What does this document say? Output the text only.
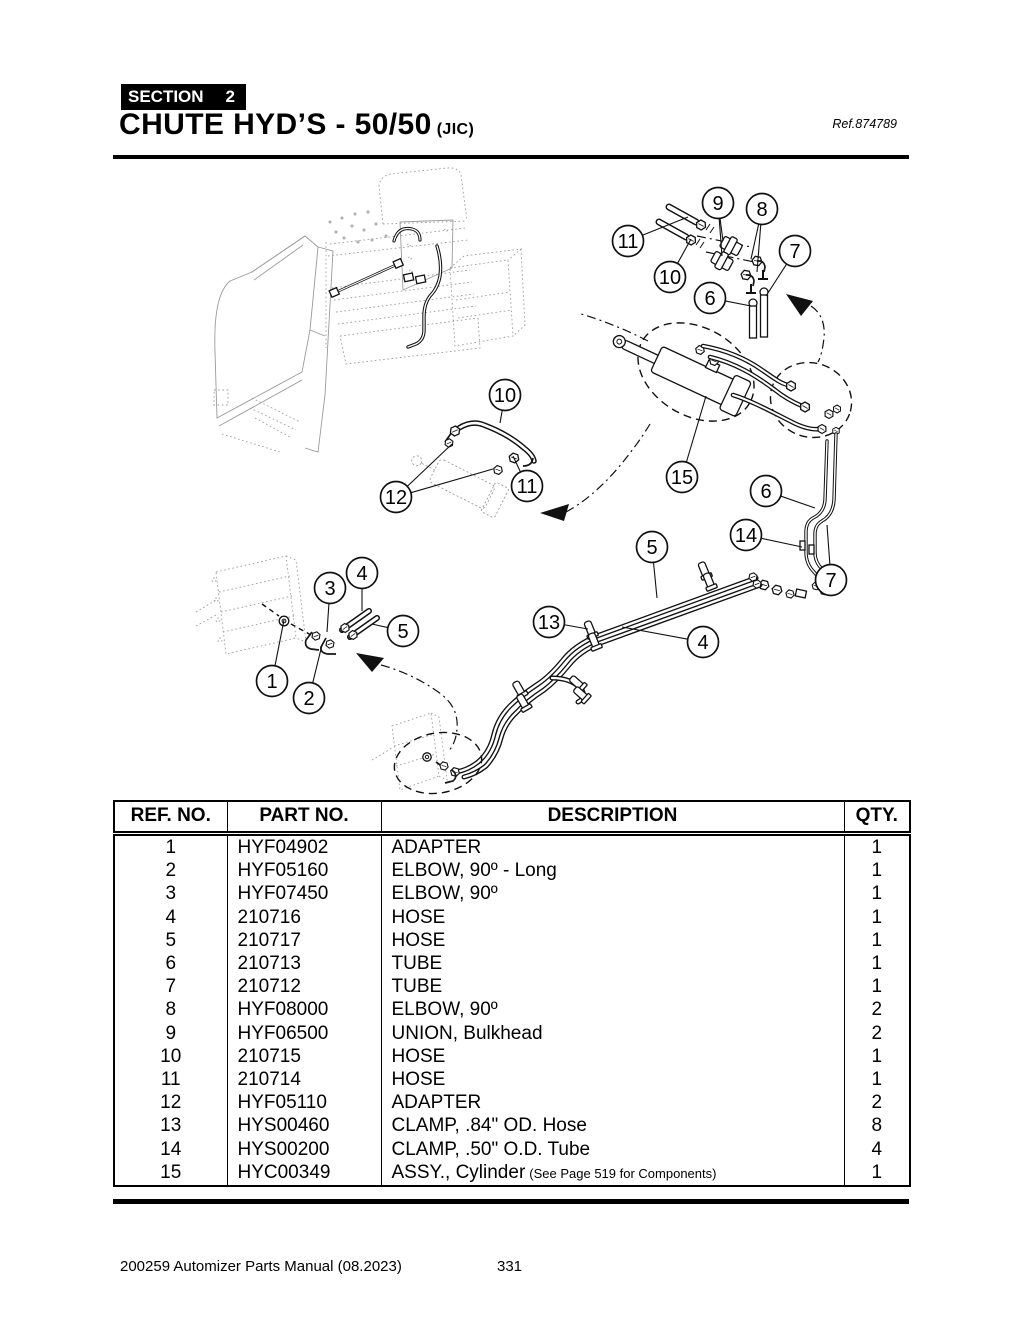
9 8
11
10
7
6
10
11
12
15
6
14
7
5
13
4
3
4
5
1
2
SECTION 2
CHUTE HYD’S - 50/50 (JIC)	Ref.874789
REF. NO.	PART NO.	DESCRIPTION	QTY.
1	HYF04902	ADAPTER	1
2	HYF05160	ELBOW, 90º - Long	1
3	HYF07450	ELBOW, 90º	1
4	210716	HOSE	1
5	210717	HOSE	1
6	210713	TUBE	1
7	210712	TUBE	1
8	HYF08000	ELBOW, 90º	2
9	HYF06500	UNION, Bulkhead	2
10	210715	HOSE	1
11	210714	HOSE	1
12	HYF05110	ADAPTER	2
13	HYS00460	CLAMP, .84" OD. Hose	8
14	HYS00200	CLAMP, .50" O.D. Tube	4
15	HYC00349	ASSY., Cylinder (See Page 519 for Components)	1
200259 Automizer Parts Manual (08.2023)	331
